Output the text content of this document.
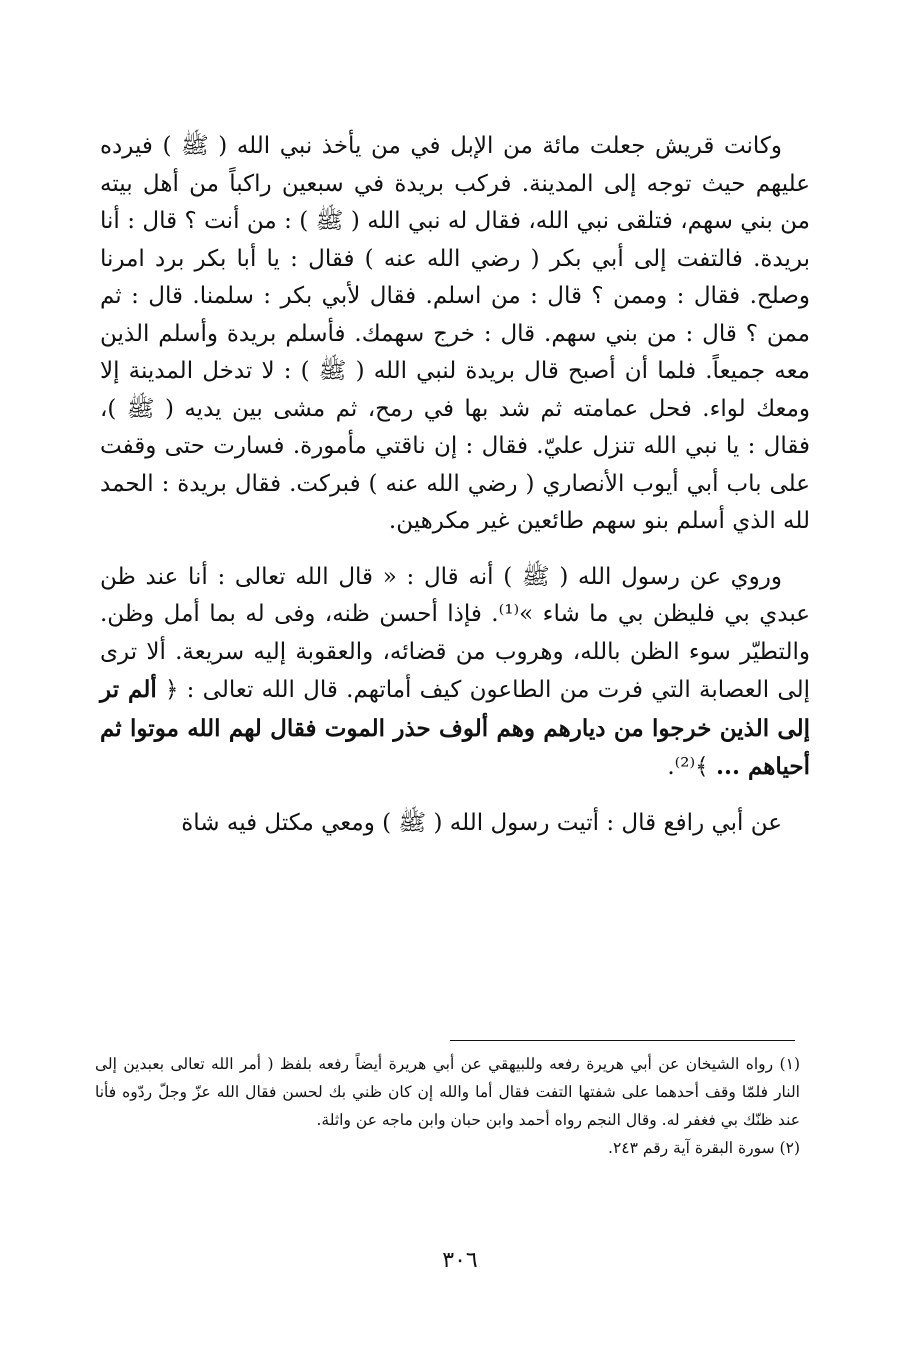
وكانت قريش جعلت مائة من الإبل في من يأخذ نبي الله ( ﷺ ) فيرده عليهم حيث توجه إلى المدينة. فركب بريدة في سبعين راكباً من أهل بيته من بني سهم، فتلقى نبي الله، فقال له نبي الله ( ﷺ ) : من أنت ؟ قال : أنا بريدة. فالتفت إلى أبي بكر ( رضي الله عنه ) فقال : يا أبا بكر برد امرنا وصلح. فقال : وممن ؟ قال : من اسلم. فقال لأبي بكر : سلمنا. قال : ثم ممن ؟ قال : من بني سهم. قال : خرج سهمك. فأسلم بريدة وأسلم الذين معه جميعاً. فلما أن أصبح قال بريدة لنبي الله ( ﷺ ) : لا تدخل المدينة إلا ومعك لواء. فحل عمامته ثم شد بها في رمح، ثم مشى بين يديه ( ﷺ )، فقال : يا نبي الله تنزل عليّ. فقال : إن ناقتي مأمورة. فسارت حتى وقفت على باب أبي أيوب الأنصاري ( رضي الله عنه ) فبركت. فقال بريدة : الحمد لله الذي أسلم بنو سهم طائعين غير مكرهين.

وروي عن رسول الله ( ﷺ ) أنه قال : « قال الله تعالى : أنا عند ظن عبدي بي فليظن بي ما شاء »⁽¹⁾. فإذا أحسن ظنه، وفى له بما أمل وظن. والتطيّر سوء الظن بالله، وهروب من قضائه، والعقوبة إليه سريعة. ألا ترى إلى العصابة التي فرت من الطاعون كيف أماتهم. قال الله تعالى : ﴿ ألم تر إلى الذين خرجوا من ديارهم وهم ألوف حذر الموت فقال لهم الله موتوا ثم أحياهم ... ﴾⁽²⁾.

عن أبي رافع قال : أتيت رسول الله ( ﷺ ) ومعي مكتل فيه شاة

(١) رواه الشيخان عن أبي هريرة رفعه وللبيهقي عن أبي هريرة أيضاً رفعه بلفظ ( أمر الله تعالى بعبدين إلى النار فلمّا وقف أحدهما على شفتها التفت فقال أما والله إن كان ظني بك لحسن فقال الله عزّ وجلّ ردّوه فأنا عند ظنّك بي فغفر له. وقال النجم رواه أحمد وابن حبان وابن ماجه عن واثلة.

(٢) سورة البقرة آية رقم ٢٤٣.

٣٠٦
